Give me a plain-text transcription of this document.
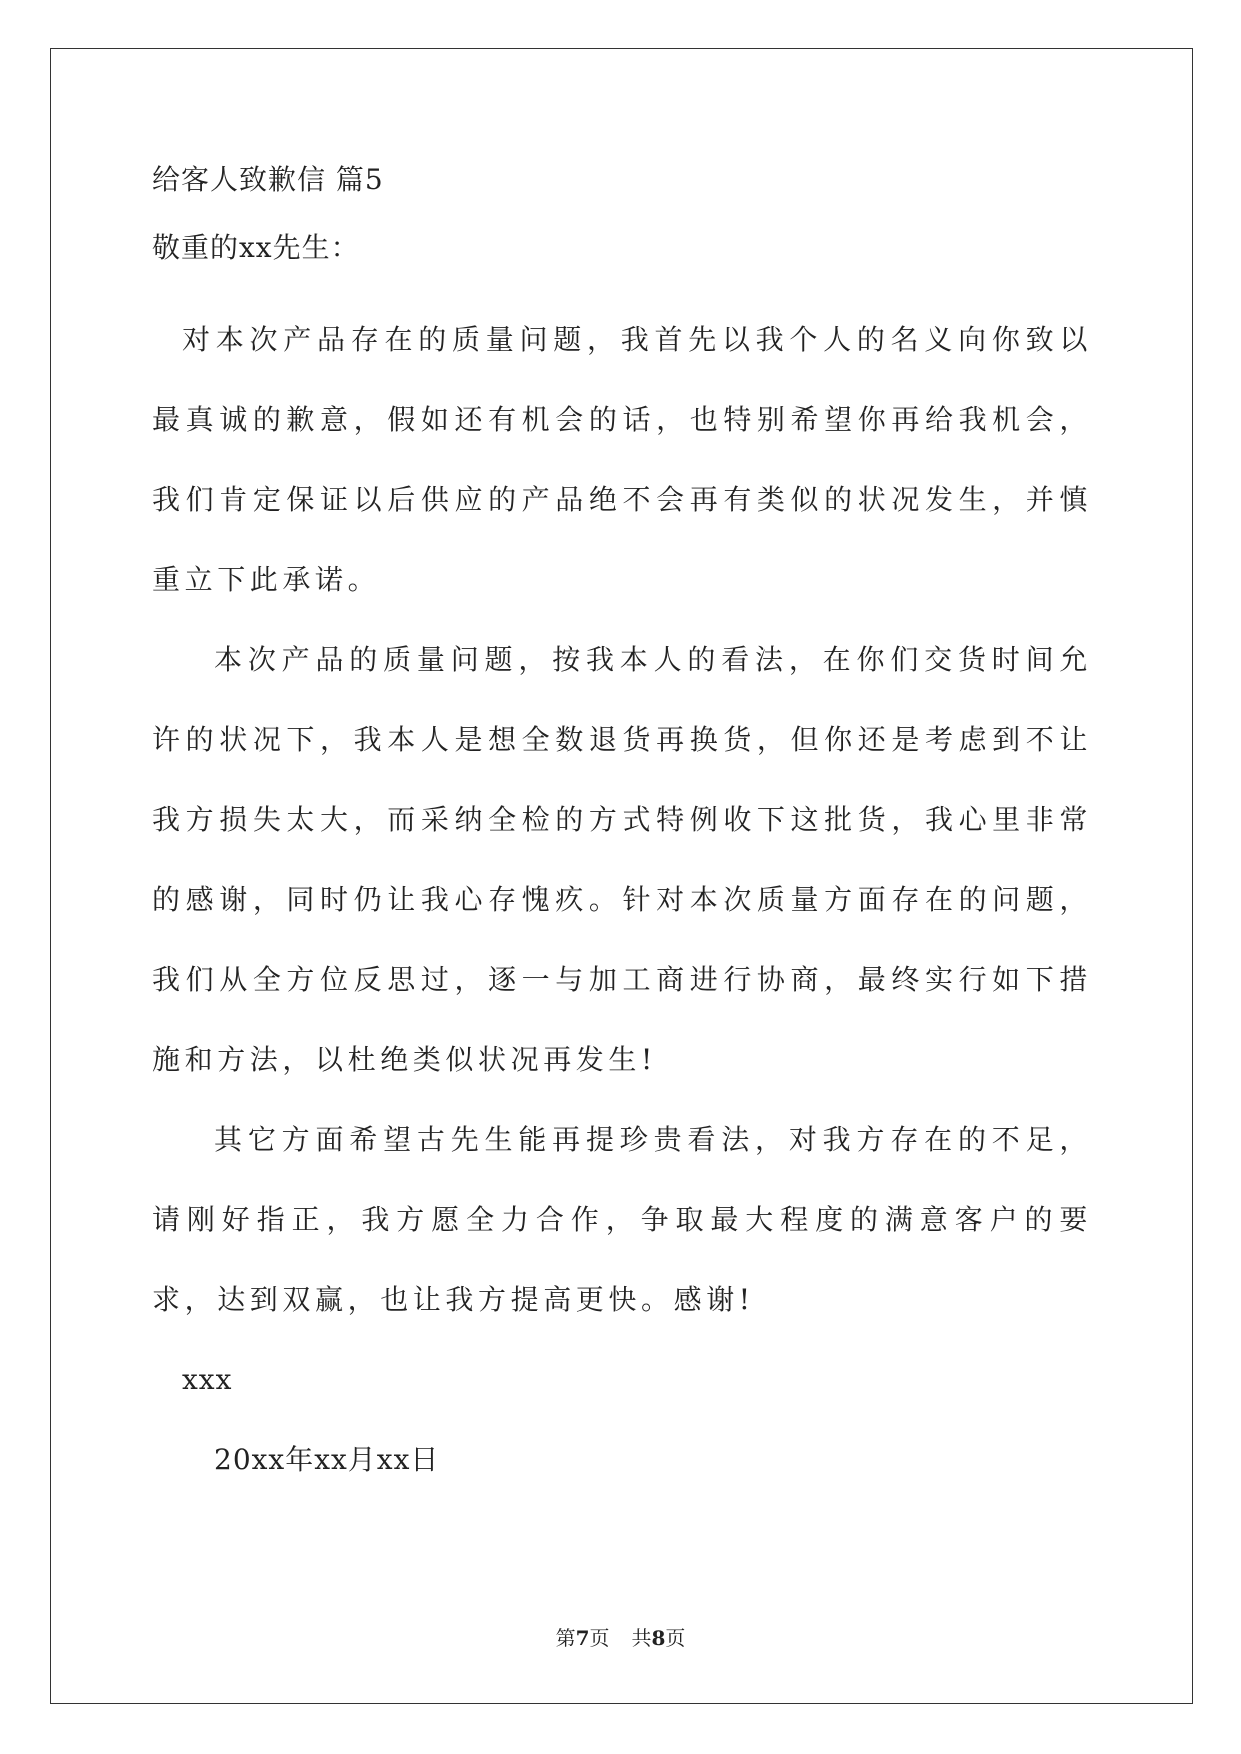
给客人致歉信 篇5
敬重的xx先生：

对本次产品存在的质量问题，我首先以我个人的名义向你致以最真诚的歉意，假如还有机会的话，也特别希望你再给我机会，我们肯定保证以后供应的产品绝不会再有类似的状况发生，并慎重立下此承诺。

本次产品的质量问题，按我本人的看法，在你们交货时间允许的状况下，我本人是想全数退货再换货，但你还是考虑到不让我方损失太大，而采纳全检的方式特例收下这批货，我心里非常的感谢，同时仍让我心存愧疚。针对本次质量方面存在的问题，我们从全方位反思过，逐一与加工商进行协商，最终实行如下措施和方法，以杜绝类似状况再发生!

其它方面希望古先生能再提珍贵看法，对我方存在的不足，请刚好指正，我方愿全力合作，争取最大程度的满意客户的要求，达到双赢，也让我方提高更快。感谢!

xxx
20xx年xx月xx日
第7页 共8页
